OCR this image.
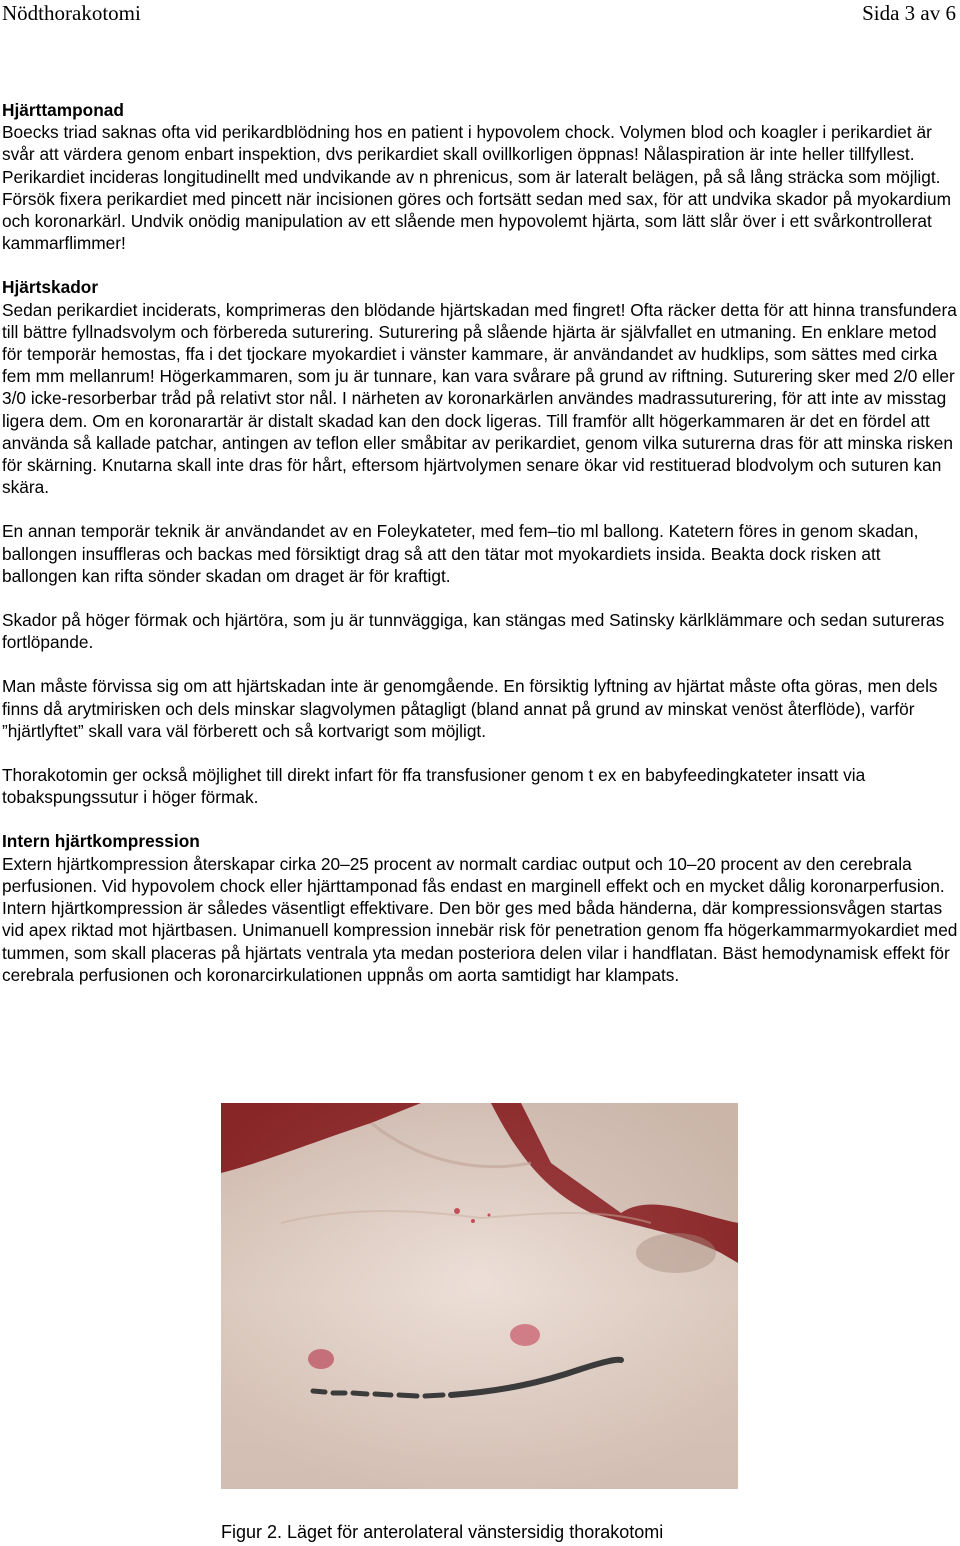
Nödthorakotomi	Sida 3 av 6
Hjärttamponad

Boecks triad saknas ofta vid perikardblödning hos en patient i hypovolem chock. Volymen blod och koagler i perikardiet är svår att värdera genom enbart inspektion, dvs perikardiet skall ovillkorligen öppnas! Nålaspiration är inte heller tillfyllest. Perikardiet incideras longitudinellt med undvikande av n phrenicus, som är lateralt belägen, på så lång sträcka som möjligt. Försök fixera perikardiet med pincett när incisionen göres och fortsätt sedan med sax, för att undvika skador på myokardium och koronarkärl. Undvik onödig manipulation av ett slående men hypovolemt hjärta, som lätt slår över i ett svårkontrollerat kammarflimmer!

Hjärtskador

Sedan perikardiet inciderats, komprimeras den blödande hjärtskadan med fingret! Ofta räcker detta för att hinna transfundera till bättre fyllnadsvolym och förbereda suturering. Suturering på slående hjärta är självfallet en utmaning. En enklare metod för temporär hemostas, ffa i det tjockare myokardiet i vänster kammare, är användandet av hudklips, som sättes med cirka fem mm mellanrum! Högerkammaren, som ju är tunnare, kan vara svårare på grund av riftning. Suturering sker med 2/0 eller 3/0 icke-resorberbar tråd på relativt stor nål. I närheten av koronarkärlen användes madrassuturering, för att inte av misstag ligera dem. Om en koronarartär är distalt skadad kan den dock ligeras. Till framför allt högerkammaren är det en fördel att använda så kallade patchar, antingen av teflon eller småbitar av perikardiet, genom vilka suturerna dras för att minska risken för skärning. Knutarna skall inte dras för hårt, eftersom hjärtvolymen senare ökar vid restituerad blodvolym och suturen kan skära.

En annan temporär teknik är användandet av en Foleykateter, med fem–tio ml ballong. Katetern föres in genom skadan, ballongen insuffleras och backas med försiktigt drag så att den tätar mot myokardiets insida. Beakta dock risken att ballongen kan rifta sönder skadan om draget är för kraftigt.

Skador på höger förmak och hjärtöra, som ju är tunnväggiga, kan stängas med Satinsky kärlklämmare och sedan sutureras fortlöpande.

Man måste förvissa sig om att hjärtskadan inte är genomgående. En försiktig lyftning av hjärtat måste ofta göras, men dels finns då arytmirisken och dels minskar slagvolymen påtagligt (bland annat på grund av minskat venöst återflöde), varför ”hjärtlyftet” skall vara väl förberett och så kortvarigt som möjligt.

Thorakotomin ger också möjlighet till direkt infart för ffa transfusioner genom t ex en babyfeedingkateter insatt via tobakspungssutur i höger förmak.

Intern hjärtkompression

Extern hjärtkompression återskapar cirka 20–25 procent av normalt cardiac output och 10–20 procent av den cerebrala perfusionen. Vid hypovolem chock eller hjärttamponad fås endast en marginell effekt och en mycket dålig koronarperfusion. Intern hjärtkompression är således väsentligt effektivare. Den bör ges med båda händerna, där kompressionsvågen startas vid apex riktad mot hjärtbasen. Unimanuell kompression innebär risk för penetration genom ffa högerkammarmyokardiet med tummen, som skall placeras på hjärtats ventrala yta medan posteriora delen vilar i handflatan. Bäst hemodynamisk effekt för cerebrala perfusionen och koronarcirkulationen uppnås om aorta samtidigt har klampats.

Figur 2. Läget för anterolateral vänstersidig thorakotomi
